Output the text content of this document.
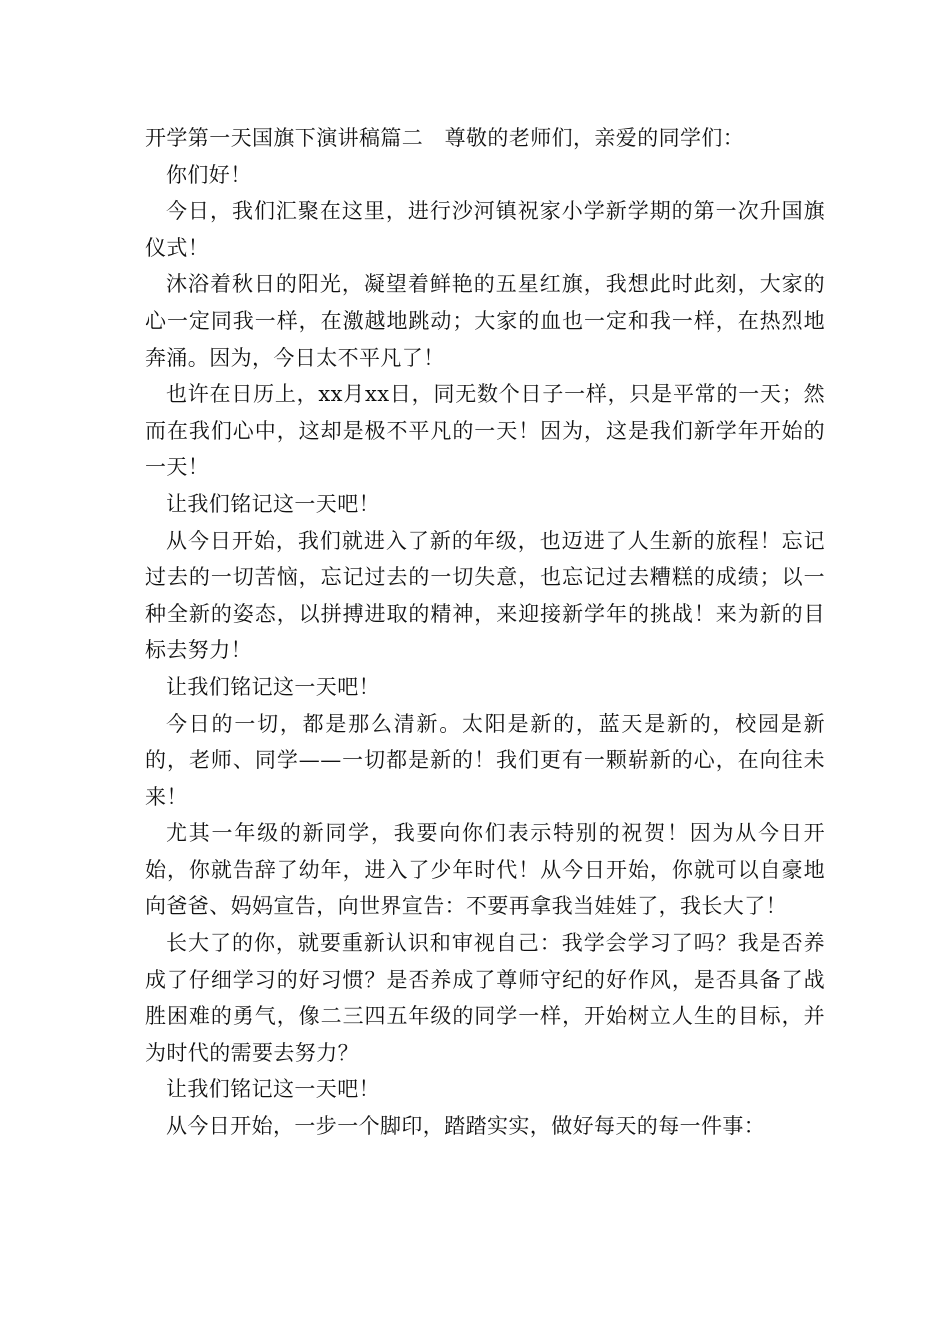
开学第一天国旗下演讲稿篇二　尊敬的老师们，亲爱的同学们：

你们好！

今日，我们汇聚在这里，进行沙河镇祝家小学新学期的第一次升国旗仪式！

沐浴着秋日的阳光，凝望着鲜艳的五星红旗，我想此时此刻，大家的心一定同我一样，在激越地跳动；大家的血也一定和我一样，在热烈地奔涌。因为，今日太不平凡了！

也许在日历上，xx月xx日，同无数个日子一样，只是平常的一天；然而在我们心中，这却是极不平凡的一天！因为，这是我们新学年开始的一天！

让我们铭记这一天吧！

从今日开始，我们就进入了新的年级，也迈进了人生新的旅程！忘记过去的一切苦恼，忘记过去的一切失意，也忘记过去糟糕的成绩；以一种全新的姿态，以拼搏进取的精神，来迎接新学年的挑战！来为新的目标去努力！

让我们铭记这一天吧！

今日的一切，都是那么清新。太阳是新的，蓝天是新的，校园是新的，老师、同学——一切都是新的！我们更有一颗崭新的心，在向往未来！

尤其一年级的新同学，我要向你们表示特别的祝贺！因为从今日开始，你就告辞了幼年，进入了少年时代！从今日开始，你就可以自豪地向爸爸、妈妈宣告，向世界宣告：不要再拿我当娃娃了，我长大了！

长大了的你，就要重新认识和审视自己：我学会学习了吗？我是否养成了仔细学习的好习惯？是否养成了尊师守纪的好作风，是否具备了战胜困难的勇气，像二三四五年级的同学一样，开始树立人生的目标，并为时代的需要去努力？

让我们铭记这一天吧！

从今日开始，一步一个脚印，踏踏实实，做好每天的每一件事：
